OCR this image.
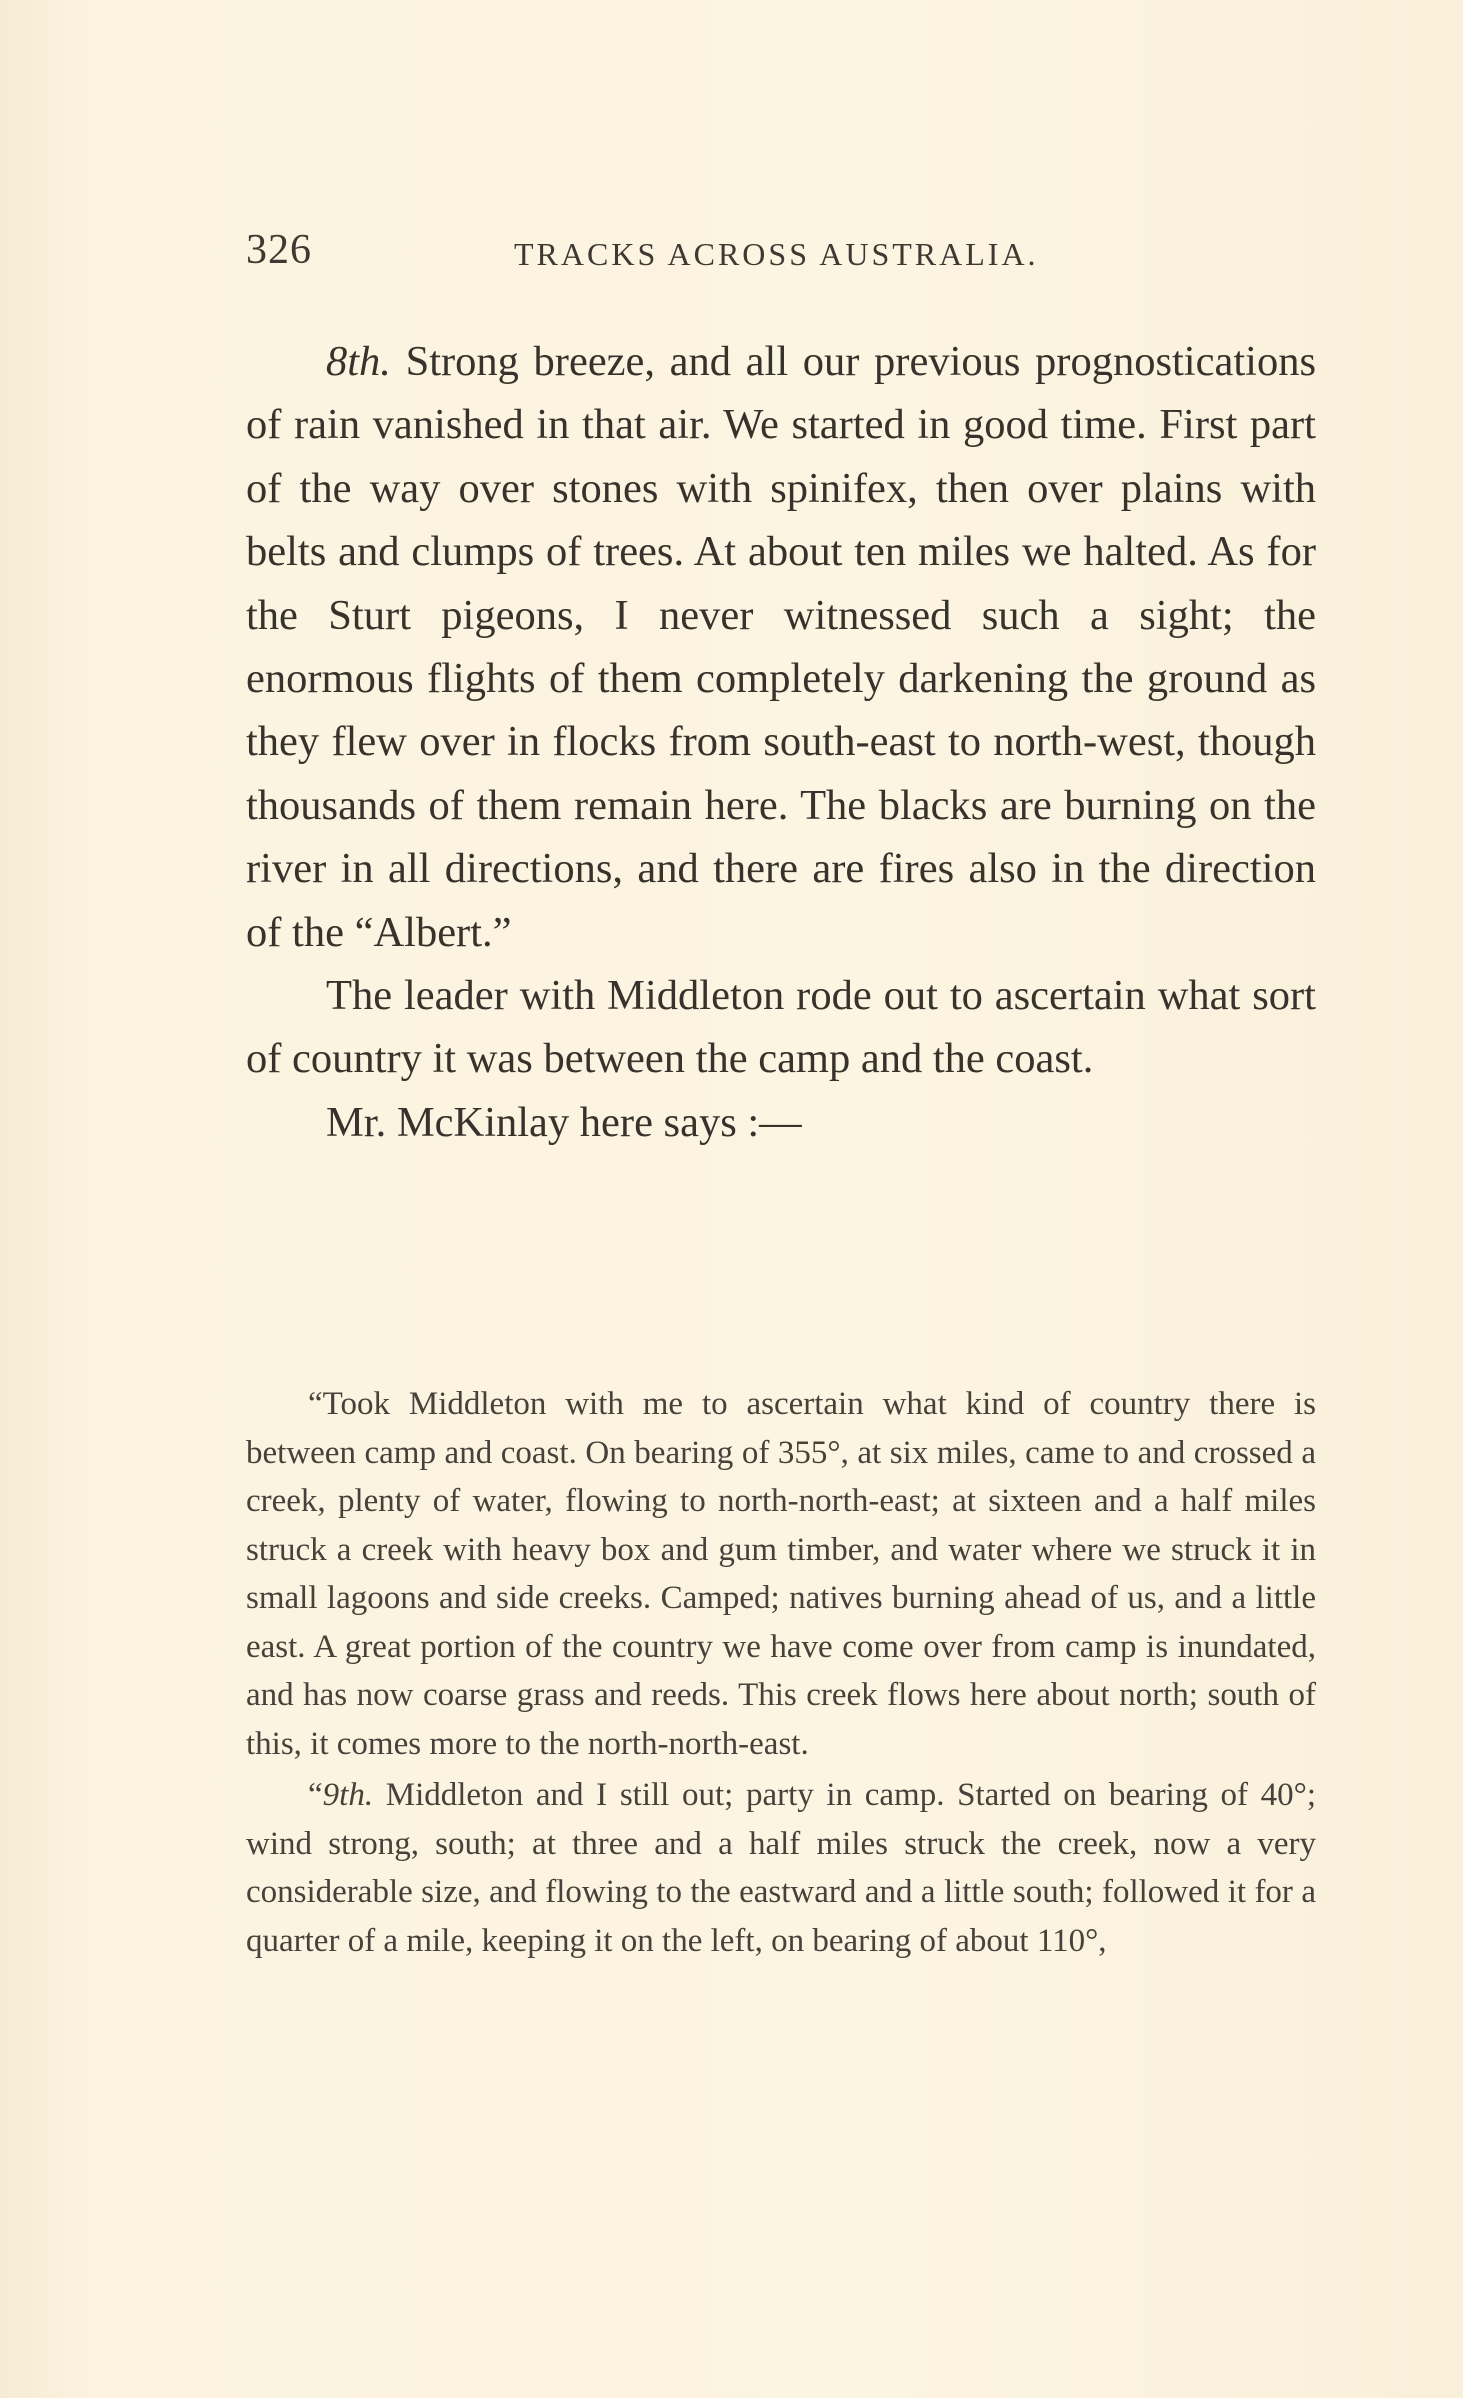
326	TRACKS ACROSS AUSTRALIA.

8th. Strong breeze, and all our previous prognostications of rain vanished in that air. We started in good time. First part of the way over stones with spinifex, then over plains with belts and clumps of trees. At about ten miles we halted. As for the Sturt pigeons, I never witnessed such a sight; the enormous flights of them completely darkening the ground as they flew over in flocks from south-east to north-west, though thousands of them remain here. The blacks are burning on the river in all directions, and there are fires also in the direction of the “Albert.”

The leader with Middleton rode out to ascertain what sort of country it was between the camp and the coast.

Mr. McKinlay here says :—

“Took Middleton with me to ascertain what kind of country there is between camp and coast. On bearing of 355°, at six miles, came to and crossed a creek, plenty of water, flowing to north-north-east; at sixteen and a half miles struck a creek with heavy box and gum timber, and water where we struck it in small lagoons and side creeks. Camped; natives burning ahead of us, and a little east. A great portion of the country we have come over from camp is inundated, and has now coarse grass and reeds. This creek flows here about north; south of this, it comes more to the north-north-east.

“9th. Middleton and I still out; party in camp. Started on bearing of 40°; wind strong, south; at three and a half miles struck the creek, now a very considerable size, and flowing to the eastward and a little south; followed it for a quarter of a mile, keeping it on the left, on bearing of about 110°,
